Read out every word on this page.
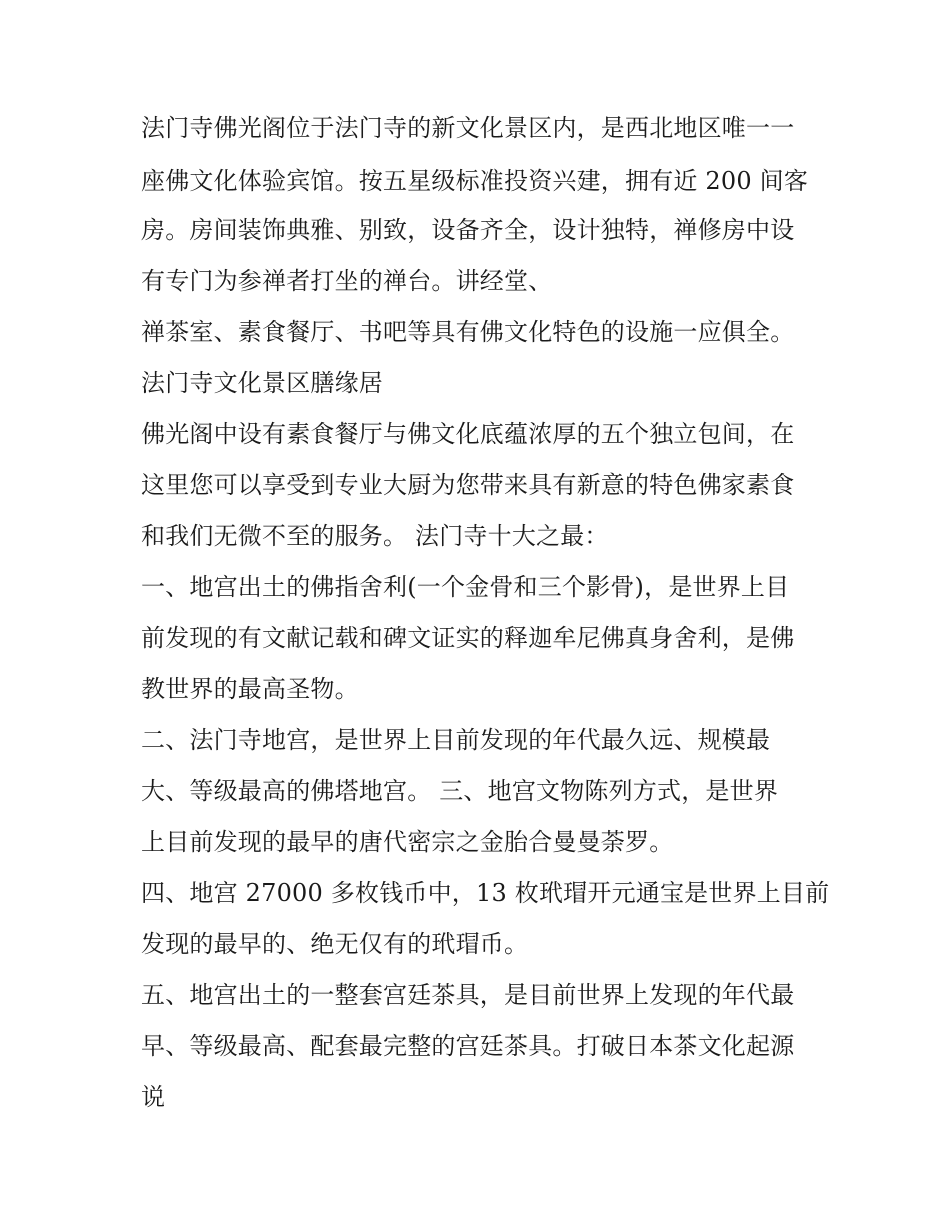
法门寺佛光阁位于法门寺的新文化景区内，是西北地区唯一一
座佛文化体验宾馆。按五星级标准投资兴建，拥有近 200 间客
房。房间装饰典雅、别致，设备齐全，设计独特，禅修房中设
有专门为参禅者打坐的禅台。讲经堂、
禅茶室、素食餐厅、书吧等具有佛文化特色的设施一应俱全。
法门寺文化景区膳缘居
佛光阁中设有素食餐厅与佛文化底蕴浓厚的五个独立包间，在
这里您可以享受到专业大厨为您带来具有新意的特色佛家素食
和我们无微不至的服务。 法门寺十大之最：
一、地宫出土的佛指舍利(一个金骨和三个影骨)，是世界上目
前发现的有文献记载和碑文证实的释迦牟尼佛真身舍利，是佛
教世界的最高圣物。
二、法门寺地宫，是世界上目前发现的年代最久远、规模最
大、等级最高的佛塔地宫。 三、地宫文物陈列方式，是世界
上目前发现的最早的唐代密宗之金胎合曼曼荼罗。
四、地宫 27000 多枚钱币中，13 枚玳瑁开元通宝是世界上目前
发现的最早的、绝无仅有的玳瑁币。
五、地宫出土的一整套宫廷茶具，是目前世界上发现的年代最
早、等级最高、配套最完整的宫廷茶具。打破日本茶文化起源
说
